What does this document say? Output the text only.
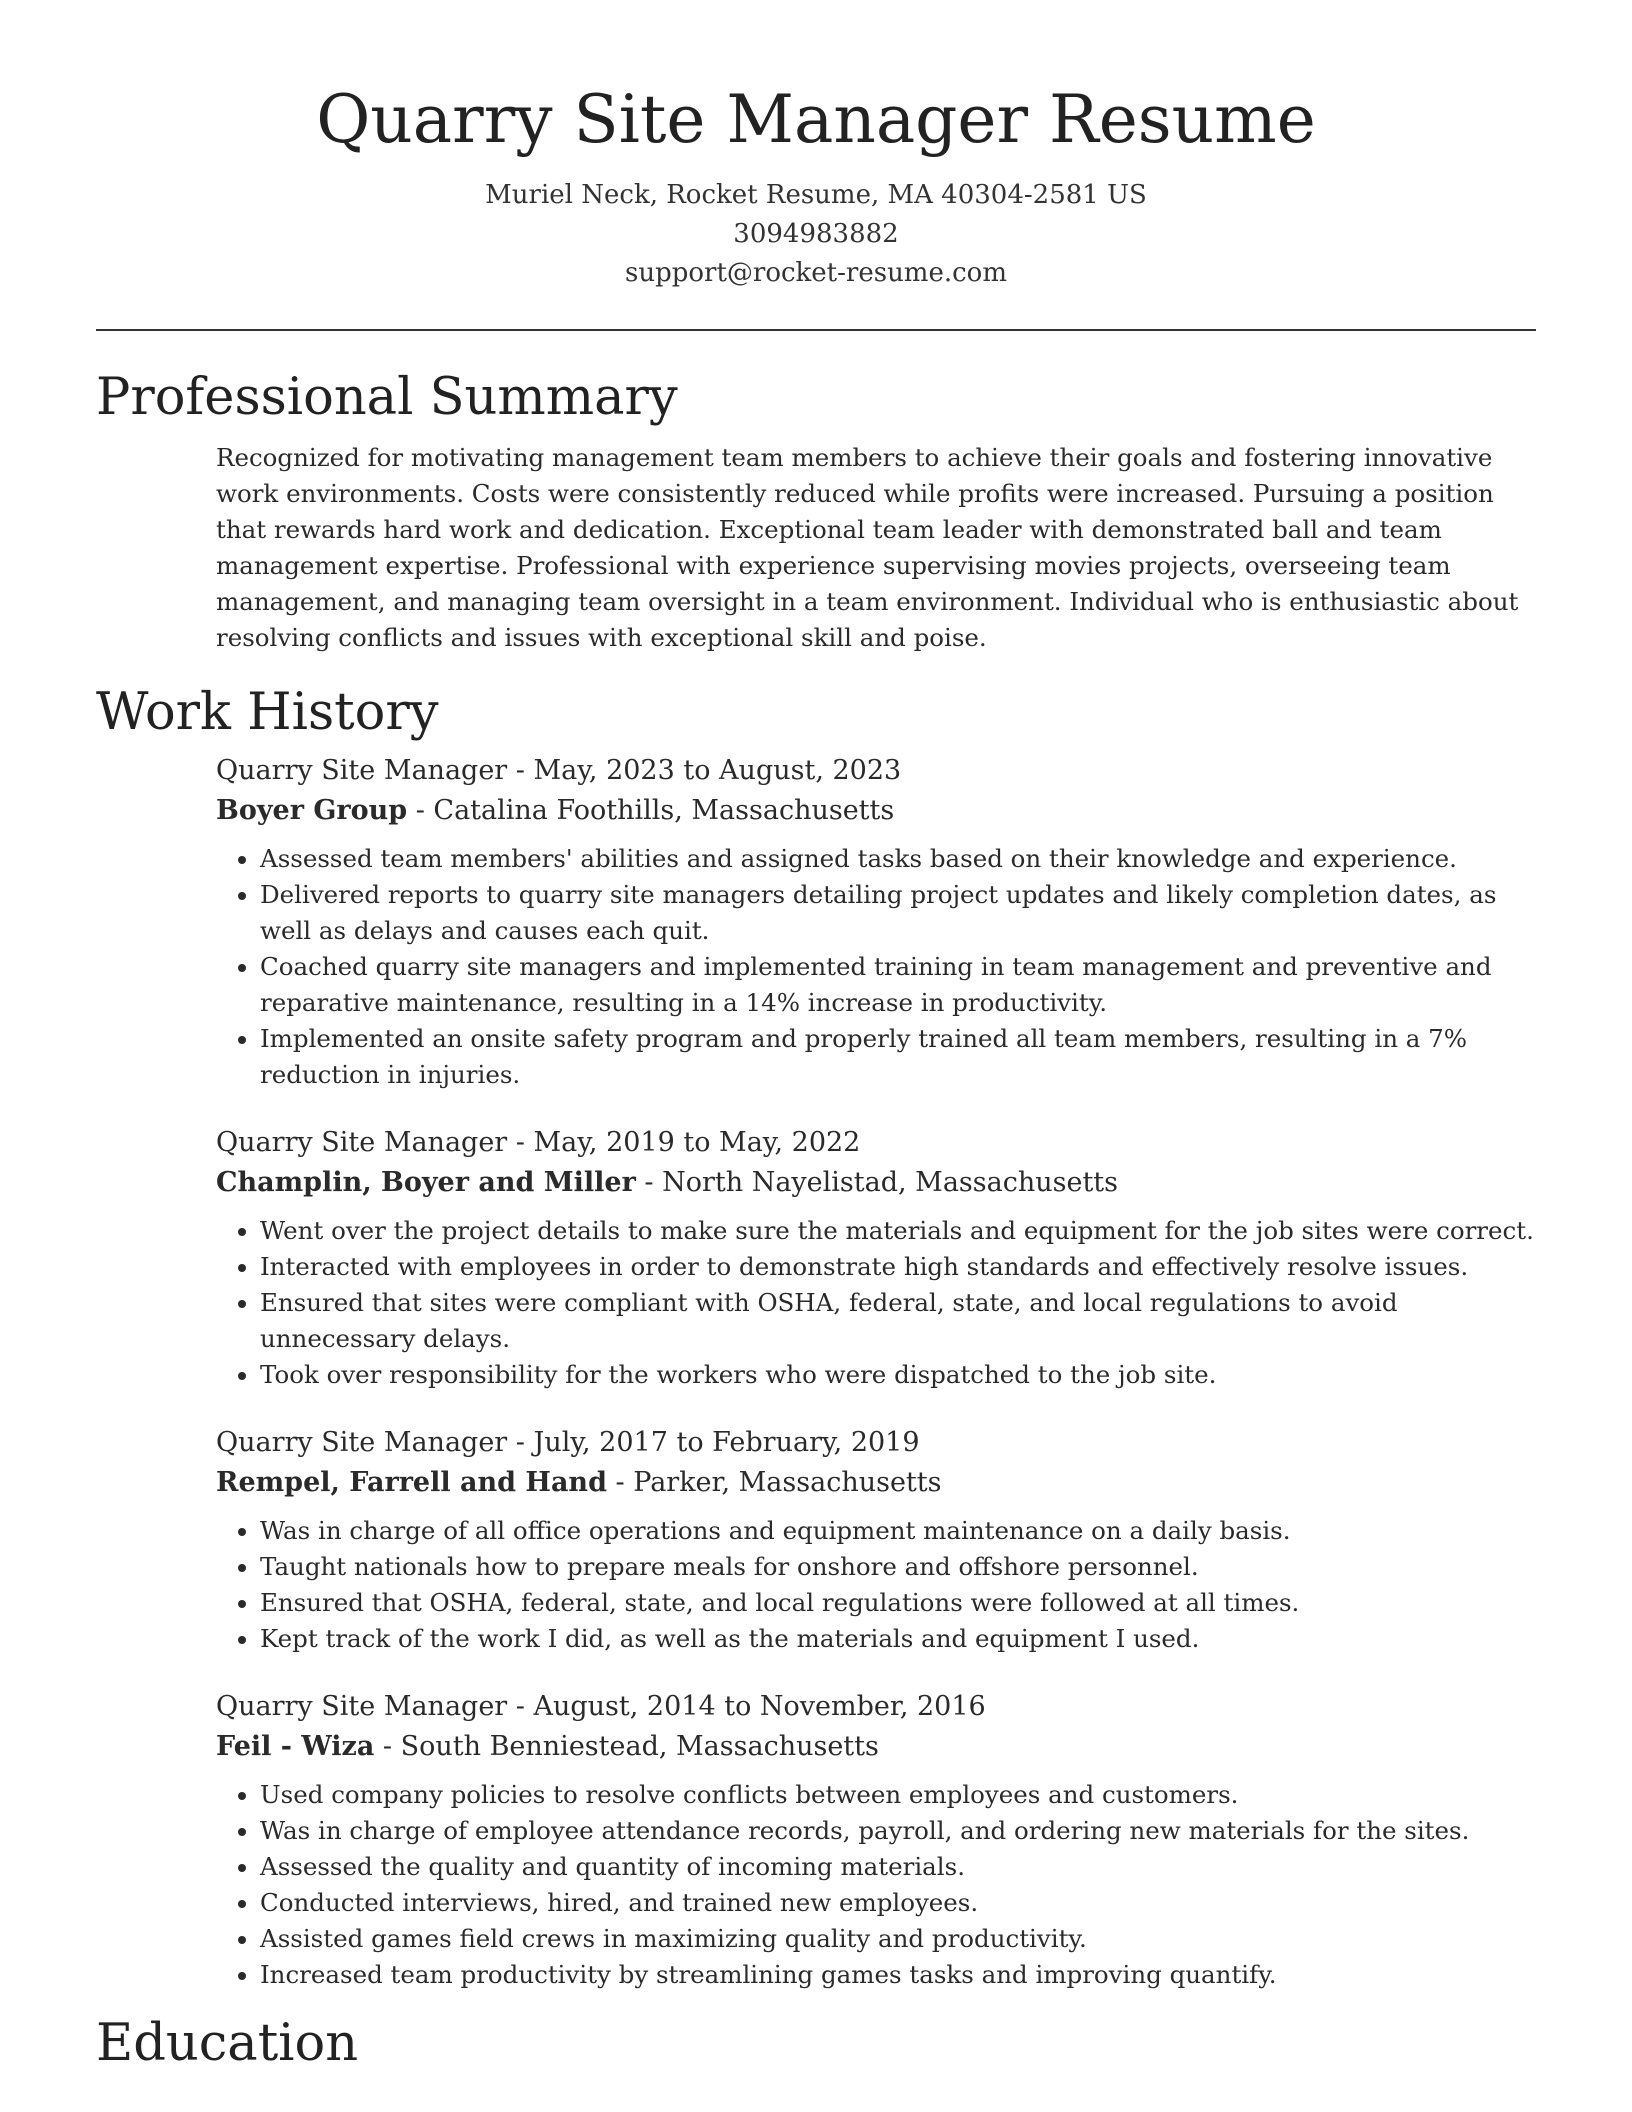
Quarry Site Manager Resume
Muriel Neck, Rocket Resume, MA 40304-2581 US
3094983882
support@rocket-resume.com
Professional Summary

Recognized for motivating management team members to achieve their goals and fostering innovative work environments. Costs were consistently reduced while profits were increased. Pursuing a position that rewards hard work and dedication. Exceptional team leader with demonstrated ball and team management expertise. Professional with experience supervising movies projects, overseeing team management, and managing team oversight in a team environment. Individual who is enthusiastic about resolving conflicts and issues with exceptional skill and poise.

Work History
Quarry Site Manager - May, 2023 to August, 2023
Boyer Group - Catalina Foothills, Massachusetts
• Assessed team members' abilities and assigned tasks based on their knowledge and experience.
• Delivered reports to quarry site managers detailing project updates and likely completion dates, as well as delays and causes each quit.
• Coached quarry site managers and implemented training in team management and preventive and reparative maintenance, resulting in a 14% increase in productivity.
• Implemented an onsite safety program and properly trained all team members, resulting in a 7% reduction in injuries.
Quarry Site Manager - May, 2019 to May, 2022
Champlin, Boyer and Miller - North Nayelistad, Massachusetts
• Went over the project details to make sure the materials and equipment for the job sites were correct.
• Interacted with employees in order to demonstrate high standards and effectively resolve issues.
• Ensured that sites were compliant with OSHA, federal, state, and local regulations to avoid unnecessary delays.
• Took over responsibility for the workers who were dispatched to the job site.
Quarry Site Manager - July, 2017 to February, 2019
Rempel, Farrell and Hand - Parker, Massachusetts
• Was in charge of all office operations and equipment maintenance on a daily basis.
• Taught nationals how to prepare meals for onshore and offshore personnel.
• Ensured that OSHA, federal, state, and local regulations were followed at all times.
• Kept track of the work I did, as well as the materials and equipment I used.
Quarry Site Manager - August, 2014 to November, 2016
Feil - Wiza - South Benniestead, Massachusetts
• Used company policies to resolve conflicts between employees and customers.
• Was in charge of employee attendance records, payroll, and ordering new materials for the sites.
• Assessed the quality and quantity of incoming materials.
• Conducted interviews, hired, and trained new employees.
• Assisted games field crews in maximizing quality and productivity.
• Increased team productivity by streamlining games tasks and improving quantify.
Education
